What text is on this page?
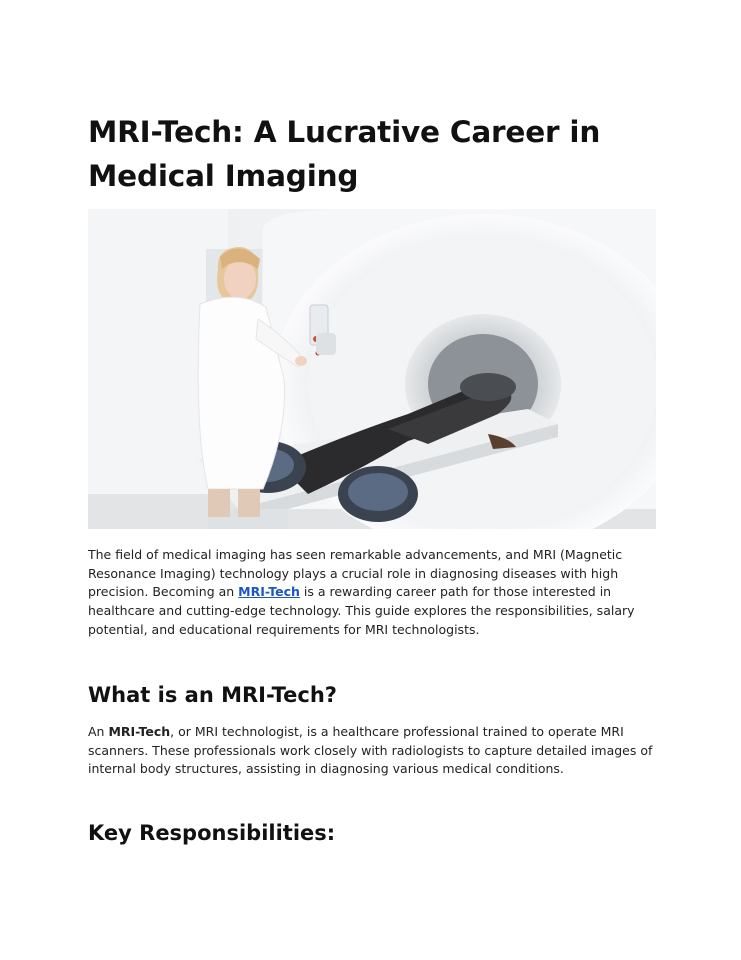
MRI-Tech: A Lucrative Career in Medical Imaging

The field of medical imaging has seen remarkable advancements, and MRI (Magnetic Resonance Imaging) technology plays a crucial role in diagnosing diseases with high precision. Becoming an MRI-Tech is a rewarding career path for those interested in healthcare and cutting-edge technology. This guide explores the responsibilities, salary potential, and educational requirements for MRI technologists.

What is an MRI-Tech?

An MRI-Tech, or MRI technologist, is a healthcare professional trained to operate MRI scanners. These professionals work closely with radiologists to capture detailed images of internal body structures, assisting in diagnosing various medical conditions.

Key Responsibilities:
